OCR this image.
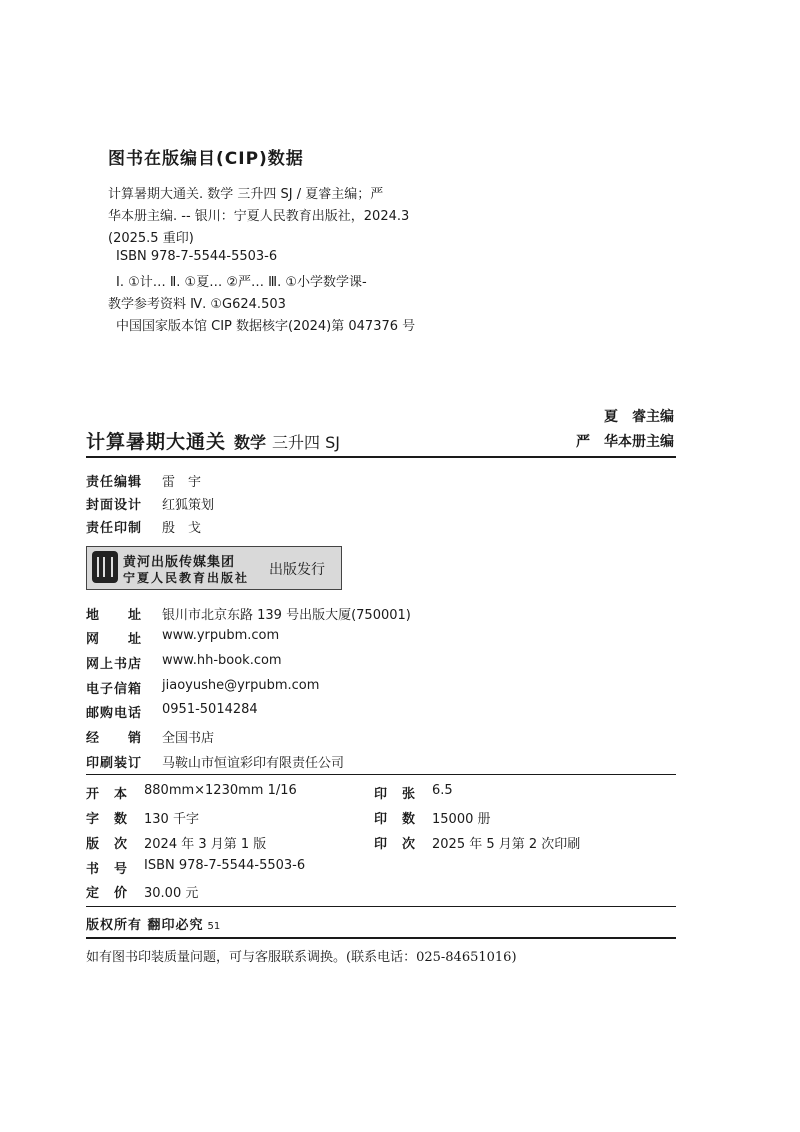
图书在版编目(CIP)数据
计算暑期大通关. 数学 三升四 SJ / 夏睿主编；严
华本册主编. -- 银川：宁夏人民教育出版社，2024.3
(2025.5 重印)
ISBN 978-7-5544-5503-6
Ⅰ. ①计… Ⅱ. ①夏… ②严… Ⅲ. ①小学数学课-
教学参考资料 Ⅳ. ①G624.503
中国国家版本馆 CIP 数据核字(2024)第 047376 号
夏　睿主编
严　华本册主编
计算暑期大通关 数学 三升四 SJ
责任编辑 雷　宇
封面设计 红狐策划
责任印制 殷　戈
黄河出版传媒集团
宁夏人民教育出版社 出版发行
地　　址 银川市北京东路 139 号出版大厦(750001)
网　　址 www.yrpubm.com
网上书店 www.hh-book.com
电子信箱 jiaoyushe@yrpubm.com
邮购电话 0951-5014284
经　　销 全国书店
印刷装订 马鞍山市恒谊彩印有限责任公司
开　本 880mm×1230mm 1/16
字　数 130 千字
版　次 2024 年 3 月第 1 版
书　号 ISBN 978-7-5544-5503-6
定　价 30.00 元
印　张 6.5
印　数 15000 册
印　次 2025 年 5 月第 2 次印刷
版权所有 翻印必究 51
如有图书印装质量问题，可与客服联系调换。(联系电话：025-84651016)
